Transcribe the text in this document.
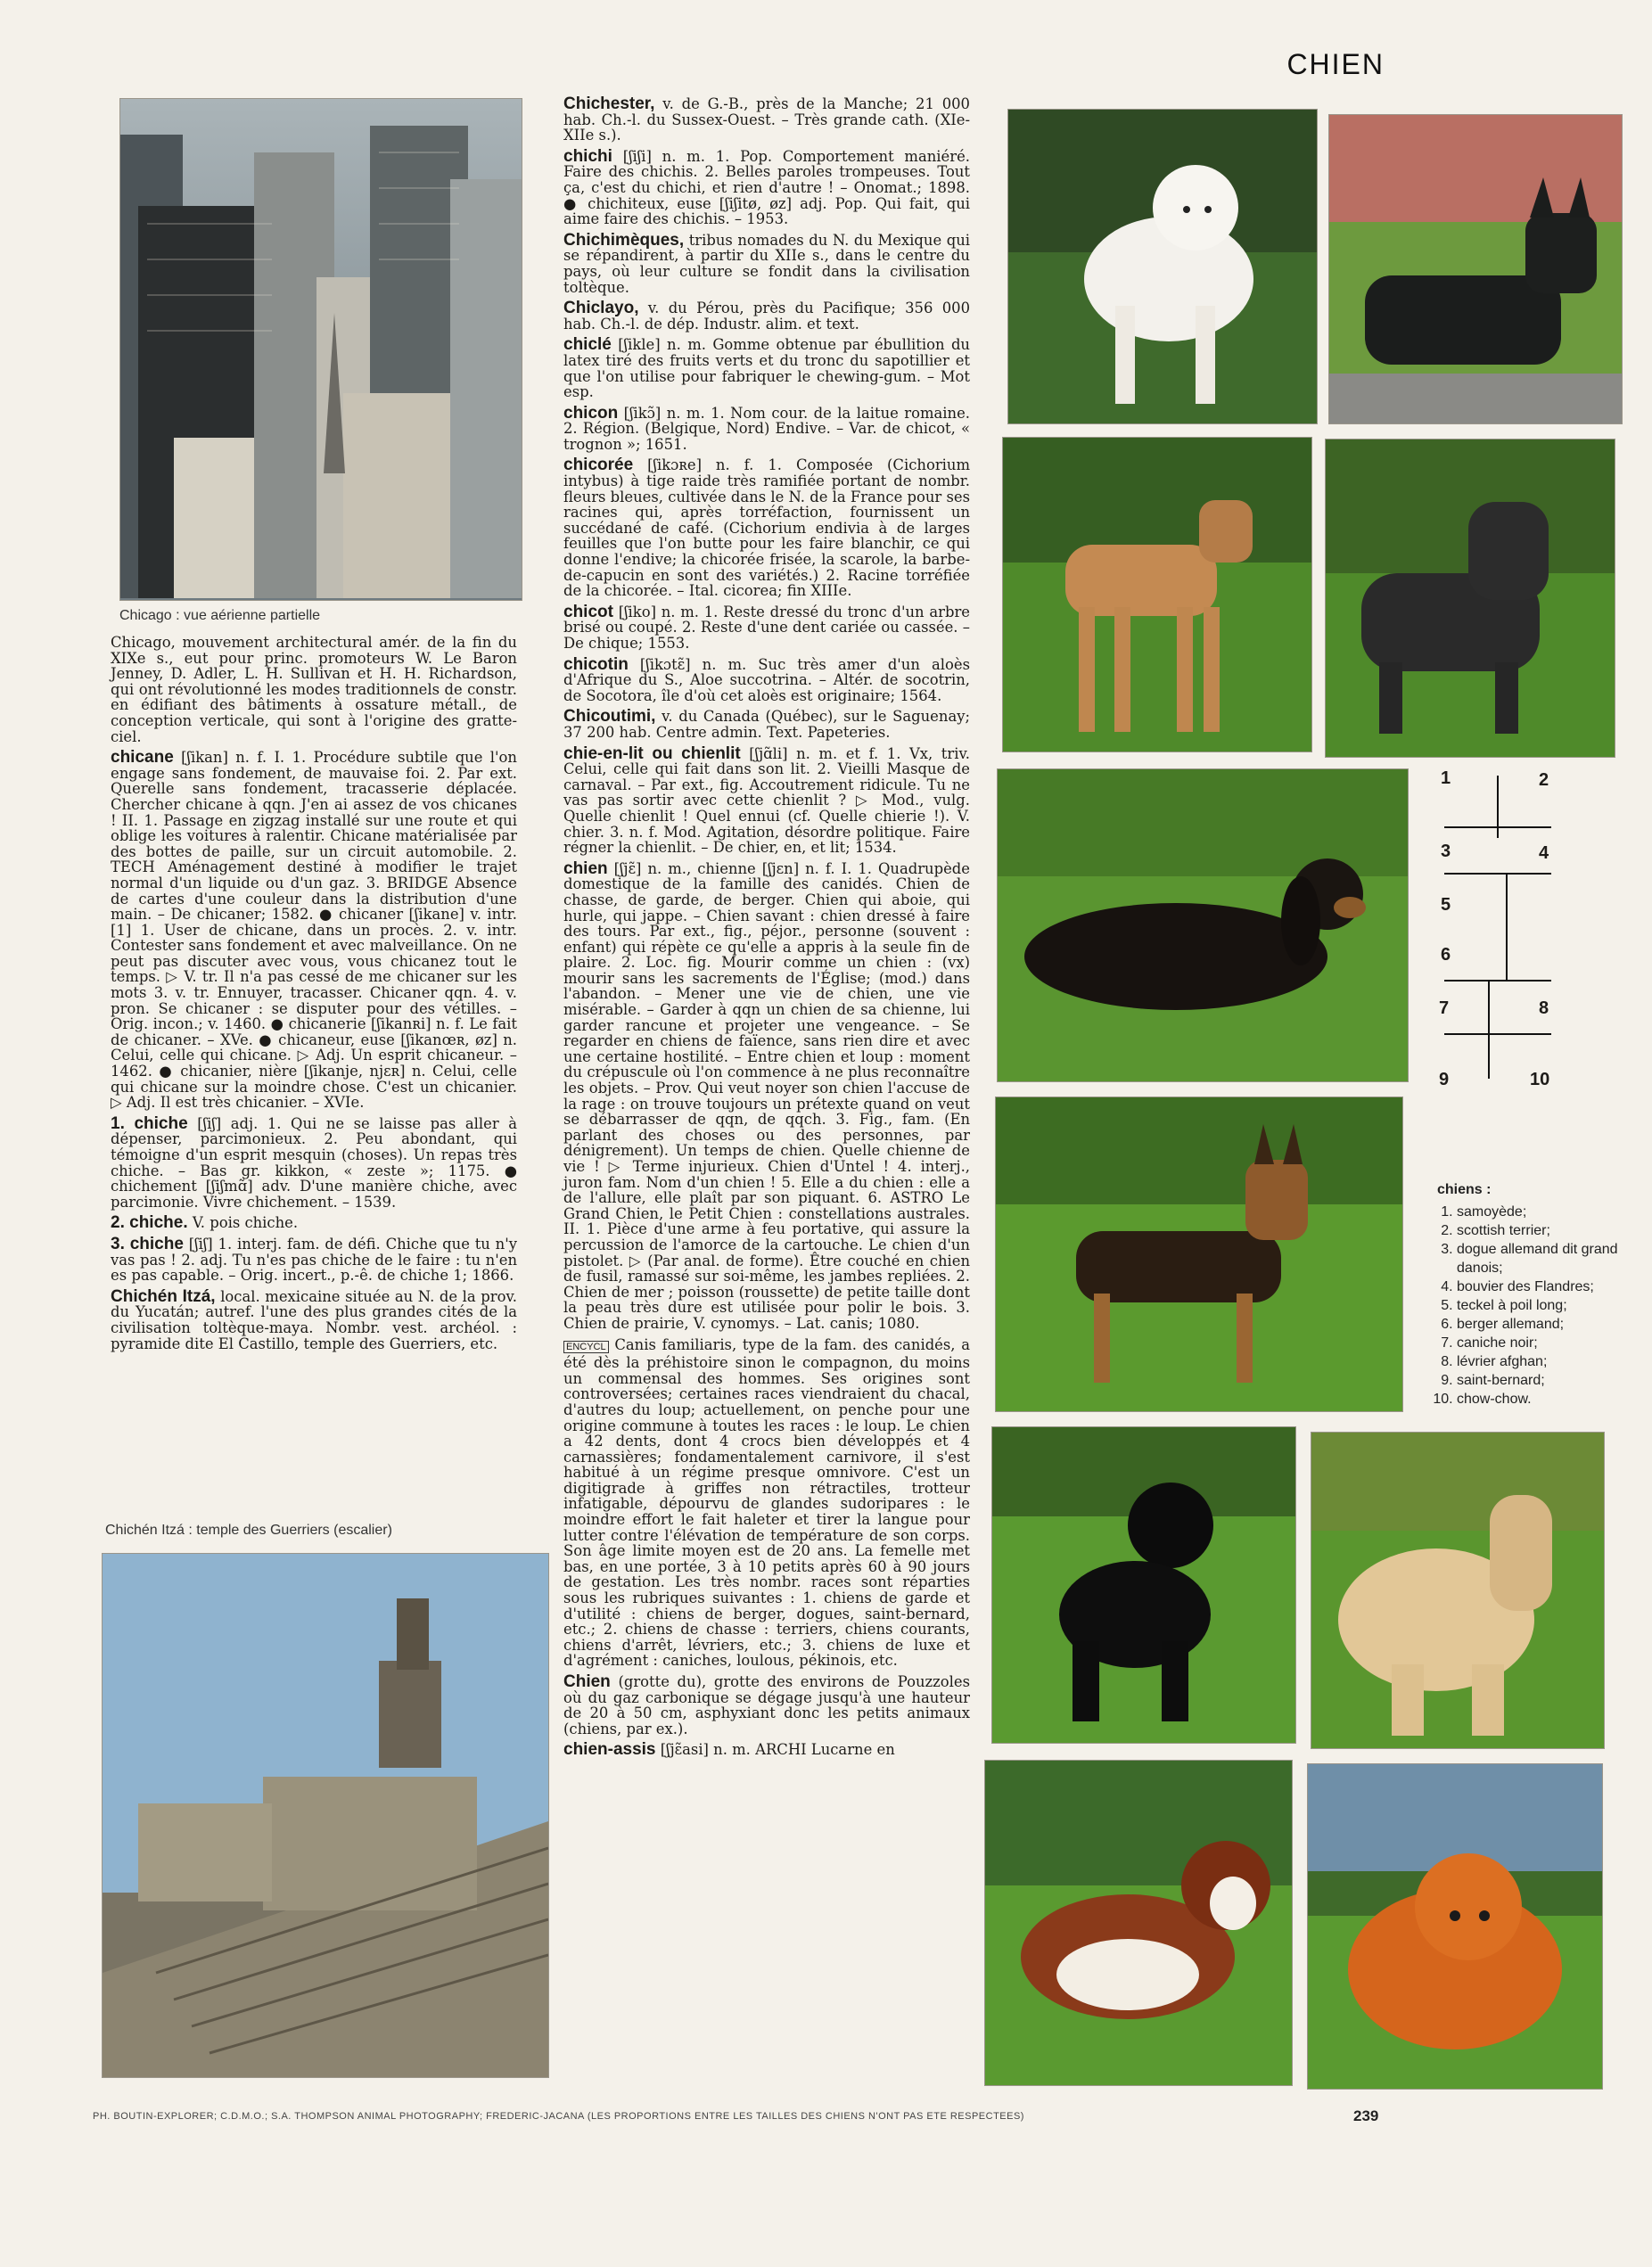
CHIEN
Chicago : vue aérienne partielle

Chicago, mouvement architectural amér. de la fin du XIXe s., eut pour princ. promoteurs W. Le Baron Jenney, D. Adler, L. H. Sullivan et H. H. Richardson, qui ont révolutionné les modes traditionnels de constr. en édifiant des bâtiments à ossature métall., de conception verticale, qui sont à l'origine des gratte-ciel.

chicane [ʃikan] n. f. I. 1. Procédure subtile que l'on engage sans fondement, de mauvaise foi. 2. Par ext. Querelle sans fondement, tracasserie déplacée. Chercher chicane à qqn. J'en ai assez de vos chicanes ! II. 1. Passage en zigzag installé sur une route et qui oblige les voitures à ralentir. Chicane matérialisée par des bottes de paille, sur un circuit automobile. 2. TECH Aménagement destiné à modifier le trajet normal d'un liquide ou d'un gaz. 3. BRIDGE Absence de cartes d'une couleur dans la distribution d'une main. – De chicaner; 1582. ● chicaner [ʃikane] v. intr. [1] 1. User de chicane, dans un procès. 2. v. intr. Contester sans fondement et avec malveillance. On ne peut pas discuter avec vous, vous chicanez tout le temps. ▷ V. tr. Il n'a pas cessé de me chicaner sur les mots 3. v. tr. Ennuyer, tracasser. Chicaner qqn. 4. v. pron. Se chicaner : se disputer pour des vétilles. – Orig. incon.; v. 1460. ● chicanerie [ʃikanʀi] n. f. Le fait de chicaner. – XVe. ● chicaneur, euse [ʃikanœʀ, øz] n. Celui, celle qui chicane. ▷ Adj. Un esprit chicaneur. – 1462. ● chicanier, nière [ʃikanje, njɛʀ] n. Celui, celle qui chicane sur la moindre chose. C'est un chicanier. ▷ Adj. Il est très chicanier. – XVIe.

1. chiche [ʃiʃ] adj. 1. Qui ne se laisse pas aller à dépenser, parcimonieux. 2. Peu abondant, qui témoigne d'un esprit mesquin (choses). Un repas très chiche. – Bas gr. kikkon, « zeste »; 1175. ● chichement [ʃiʃmɑ̃] adv. D'une manière chiche, avec parcimonie. Vivre chichement. – 1539.

2. chiche. V. pois chiche.

3. chiche [ʃiʃ] 1. interj. fam. de défi. Chiche que tu n'y vas pas ! 2. adj. Tu n'es pas chiche de le faire : tu n'en es pas capable. – Orig. incert., p.-ê. de chiche 1; 1866.

Chichén Itzá, local. mexicaine située au N. de la prov. du Yucatán; autref. l'une des plus grandes cités de la civilisation toltèque-maya. Nombr. vest. archéol. : pyramide dite El Castillo, temple des Guerriers, etc.

Chichén Itzá : temple des Guerriers (escalier)

Chichester, v. de G.-B., près de la Manche; 21 000 hab. Ch.-l. du Sussex-Ouest. – Très grande cath. (XIe-XIIe s.).

chichi [ʃiʃi] n. m. 1. Pop. Comportement maniéré. Faire des chichis. 2. Belles paroles trompeuses. Tout ça, c'est du chichi, et rien d'autre ! – Onomat.; 1898. ● chichiteux, euse [ʃiʃitø, øz] adj. Pop. Qui fait, qui aime faire des chichis. – 1953.

Chichimèques, tribus nomades du N. du Mexique qui se répandirent, à partir du XIIe s., dans le centre du pays, où leur culture se fondit dans la civilisation toltèque.

Chiclayo, v. du Pérou, près du Pacifique; 356 000 hab. Ch.-l. de dép. Industr. alim. et text.

chiclé [ʃikle] n. m. Gomme obtenue par ébullition du latex tiré des fruits verts et du tronc du sapotillier et que l'on utilise pour fabriquer le chewing-gum. – Mot esp.

chicon [ʃikɔ̃] n. m. 1. Nom cour. de la laitue romaine. 2. Région. (Belgique, Nord) Endive. – Var. de chicot, « trognon »; 1651.

chicorée [ʃikɔʀe] n. f. 1. Composée (Cichorium intybus) à tige raide très ramifiée portant de nombr. fleurs bleues, cultivée dans le N. de la France pour ses racines qui, après torréfaction, fournissent un succédané de café. (Cichorium endivia à de larges feuilles que l'on butte pour les faire blanchir, ce qui donne l'endive; la chicorée frisée, la scarole, la barbe-de-capucin en sont des variétés.) 2. Racine torréfiée de la chicorée. – Ital. cicorea; fin XIIIe.

chicot [ʃiko] n. m. 1. Reste dressé du tronc d'un arbre brisé ou coupé. 2. Reste d'une dent cariée ou cassée. – De chique; 1553.

chicotin [ʃikɔtɛ̃] n. m. Suc très amer d'un aloès d'Afrique du S., Aloe succotrina. – Altér. de socotrin, de Socotora, île d'où cet aloès est originaire; 1564.

Chicoutimi, v. du Canada (Québec), sur le Saguenay; 37 200 hab. Centre admin. Text. Papeteries.

chie-en-lit ou chienlit [ʃjɑ̃li] n. m. et f. 1. Vx, triv. Celui, celle qui fait dans son lit. 2. Vieilli Masque de carnaval. – Par ext., fig. Accoutrement ridicule. Tu ne vas pas sortir avec cette chienlit ? ▷ Mod., vulg. Quelle chienlit ! Quel ennui (cf. Quelle chierie !). V. chier. 3. n. f. Mod. Agitation, désordre politique. Faire régner la chienlit. – De chier, en, et lit; 1534.

chien [ʃjɛ̃] n. m., chienne [ʃjɛn] n. f. I. 1. Quadrupède domestique de la famille des canidés. Chien de chasse, de garde, de berger. Chien qui aboie, qui hurle, qui jappe. – Chien savant : chien dressé à faire des tours. Par ext., fig., péjor., personne (souvent : enfant) qui répète ce qu'elle a appris à la seule fin de plaire. 2. Loc. fig. Mourir comme un chien : (vx) mourir sans les sacrements de l'Église; (mod.) dans l'abandon. – Mener une vie de chien, une vie misérable. – Garder à qqn un chien de sa chienne, lui garder rancune et projeter une vengeance. – Se regarder en chiens de faïence, sans rien dire et avec une certaine hostilité. – Entre chien et loup : moment du crépuscule où l'on commence à ne plus reconnaître les objets. – Prov. Qui veut noyer son chien l'accuse de la rage : on trouve toujours un prétexte quand on veut se débarrasser de qqn, de qqch. 3. Fig., fam. (En parlant des choses ou des personnes, par dénigrement). Un temps de chien. Quelle chienne de vie ! ▷ Terme injurieux. Chien d'Untel ! 4. interj., juron fam. Nom d'un chien ! 5. Elle a du chien : elle a de l'allure, elle plaît par son piquant. 6. ASTRO Le Grand Chien, le Petit Chien : constellations australes. II. 1. Pièce d'une arme à feu portative, qui assure la percussion de l'amorce de la cartouche. Le chien d'un pistolet. ▷ (Par anal. de forme). Être couché en chien de fusil, ramassé sur soi-même, les jambes repliées. 2. Chien de mer ; poisson (roussette) de petite taille dont la peau très dure est utilisée pour polir le bois. 3. Chien de prairie, V. cynomys. – Lat. canis; 1080.

ENCYCL Canis familiaris, type de la fam. des canidés, a été dès la préhistoire sinon le compagnon, du moins un commensal des hommes. Ses origines sont controversées; certaines races viendraient du chacal, d'autres du loup; actuellement, on penche pour une origine commune à toutes les races : le loup. Le chien a 42 dents, dont 4 crocs bien développés et 4 carnassières; fondamentalement carnivore, il s'est habitué à un régime presque omnivore. C'est un digitigrade à griffes non rétractiles, trotteur infatigable, dépourvu de glandes sudoripares : le moindre effort le fait haleter et tirer la langue pour lutter contre l'élévation de température de son corps. Son âge limite moyen est de 20 ans. La femelle met bas, en une portée, 3 à 10 petits après 60 à 90 jours de gestation. Les très nombr. races sont réparties sous les rubriques suivantes : 1. chiens de garde et d'utilité : chiens de berger, dogues, saint-bernard, etc.; 2. chiens de chasse : terriers, chiens courants, chiens d'arrêt, lévriers, etc.; 3. chiens de luxe et d'agrément : caniches, loulous, pékinois, etc.

Chien (grotte du), grotte des environs de Pouzzoles où du gaz carbonique se dégage jusqu'à une hauteur de 20 à 50 cm, asphyxiant donc les petits animaux (chiens, par ex.).

chien-assis [ʃjɛ̃asi] n. m. ARCHI Lucarne en

1	2
3	4
5
6
7	8
9	10
chiens :
1. samoyède;
2. scottish terrier;
3. dogue allemand dit grand danois;
4. bouvier des Flandres;
5. teckel à poil long;
6. berger allemand;
7. caniche noir;
8. lévrier afghan;
9. saint-bernard;
10. chow-chow.
PH. BOUTIN-EXPLORER; C.D.M.O.; S.A. THOMPSON ANIMAL PHOTOGRAPHY; FREDERIC-JACANA (LES PROPORTIONS ENTRE LES TAILLES DES CHIENS N'ONT PAS ETE RESPECTEES)	239
